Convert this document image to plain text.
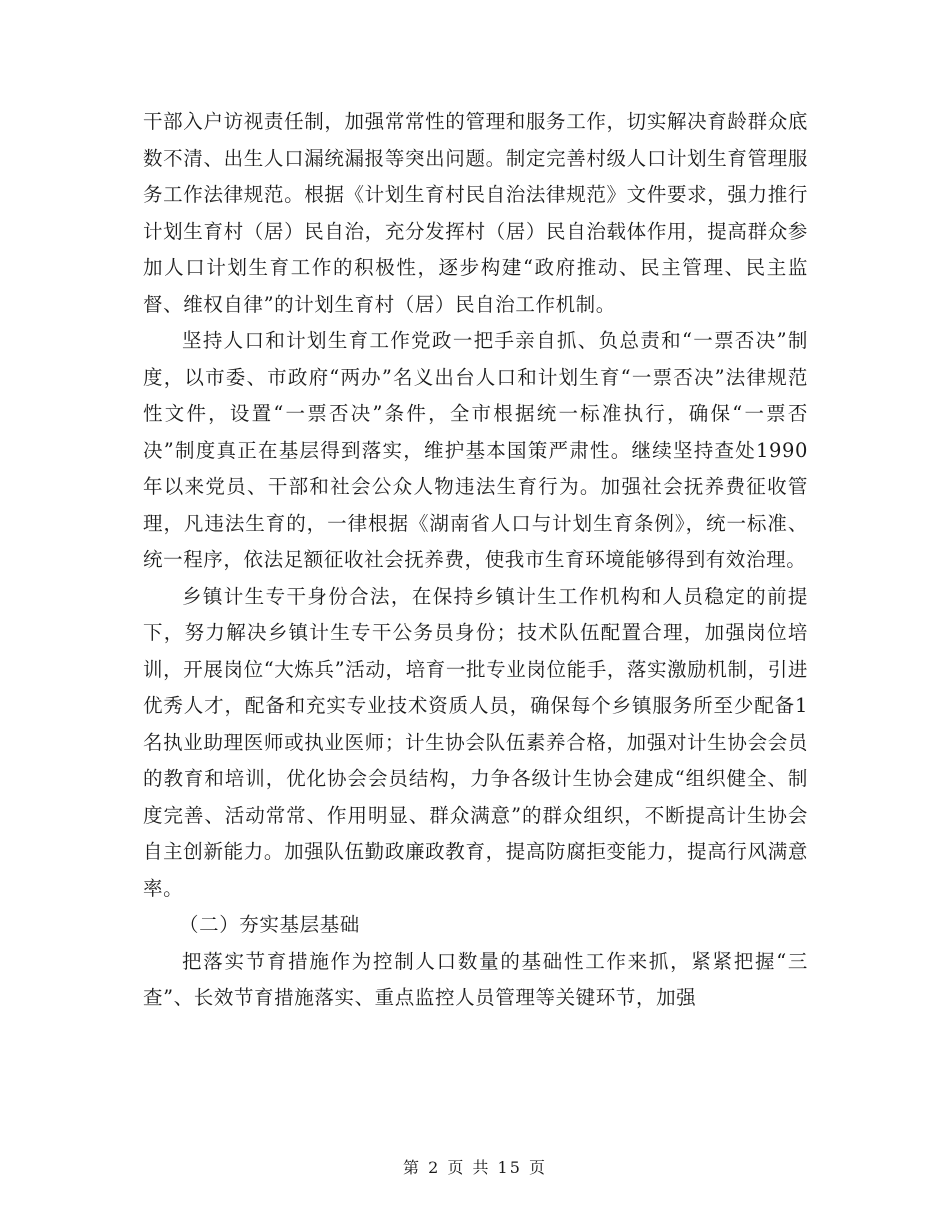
干部入户访视责任制，加强常常性的管理和服务工作，切实解决育龄群众底数不清、出生人口漏统漏报等突出问题。制定完善村级人口计划生育管理服务工作法律规范。根据《计划生育村民自治法律规范》文件要求，强力推行计划生育村（居）民自治，充分发挥村（居）民自治载体作用，提高群众参加人口计划生育工作的积极性，逐步构建“政府推动、民主管理、民主监督、维权自律”的计划生育村（居）民自治工作机制。

坚持人口和计划生育工作党政一把手亲自抓、负总责和“一票否决”制度，以市委、市政府“两办”名义出台人口和计划生育“一票否决”法律规范性文件，设置“一票否决”条件，全市根据统一标准执行，确保“一票否决”制度真正在基层得到落实，维护基本国策严肃性。继续坚持查处1990年以来党员、干部和社会公众人物违法生育行为。加强社会抚养费征收管理，凡违法生育的，一律根据《湖南省人口与计划生育条例》，统一标准、统一程序，依法足额征收社会抚养费，使我市生育环境能够得到有效治理。

乡镇计生专干身份合法，在保持乡镇计生工作机构和人员稳定的前提下，努力解决乡镇计生专干公务员身份；技术队伍配置合理，加强岗位培训，开展岗位“大炼兵”活动，培育一批专业岗位能手，落实激励机制，引进优秀人才，配备和充实专业技术资质人员，确保每个乡镇服务所至少配备1名执业助理医师或执业医师；计生协会队伍素养合格，加强对计生协会会员的教育和培训，优化协会会员结构，力争各级计生协会建成“组织健全、制度完善、活动常常、作用明显、群众满意”的群众组织，不断提高计生协会自主创新能力。加强队伍勤政廉政教育，提高防腐拒变能力，提高行风满意率。

（二）夯实基层基础

把落实节育措施作为控制人口数量的基础性工作来抓，紧紧把握“三查”、长效节育措施落实、重点监控人员管理等关键环节，加强

第 2 页 共 15 页
